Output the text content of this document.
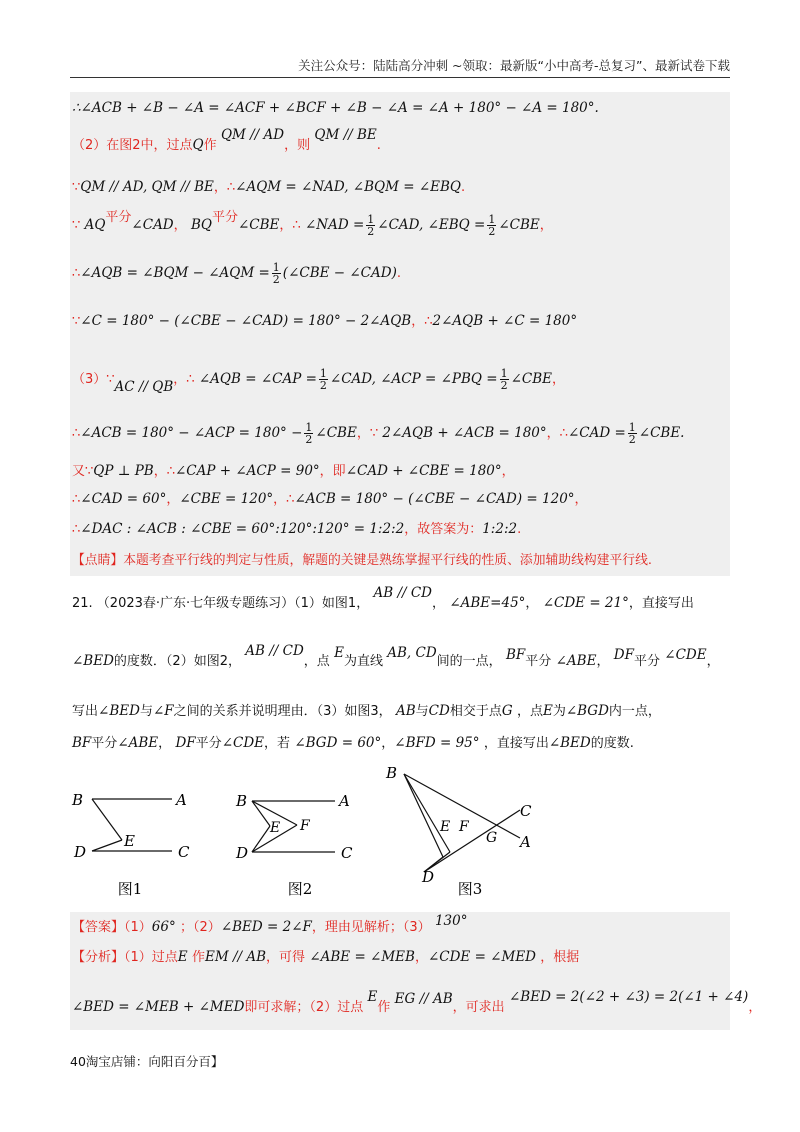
关注公众号：陆陆高分冲刺 ~领取：最新版“小中高考-总复习”、最新试卷下载
∴∠ACB + ∠B − ∠A = ∠ACF + ∠BCF + ∠B − ∠A = ∠A + 180° − ∠A = 180°.
（2）在图2中，过点Q作 QM // AD，则 QM // BE.
∵QM // AD, QM // BE，∴∠AQM = ∠NAD, ∠BQM = ∠EBQ.
∵ AQ平分∠CAD， BQ平分∠CBE，∴ ∠NAD = $\frac{1}{2}$ ∠CAD, ∠EBQ = $\frac{1}{2}$ ∠CBE，
∴∠AQB = ∠BQM − ∠AQM = $\frac{1}{2}$ (∠CBE − ∠CAD).
∵∠C = 180° − (∠CBE − ∠CAD) = 180° − 2∠AQB，∴2∠AQB + ∠C = 180°
（3）∵AC // QB，∴ ∠AQB = ∠CAP = $\frac{1}{2}$ ∠CAD, ∠ACP = ∠PBQ = $\frac{1}{2}$ ∠CBE，
∴∠ACB = 180° − ∠ACP = $180^\circ - \frac{1}{2}$ ∠CBE，∵ 2∠AQB + ∠ACB = 180°，∴∠CAD = $\frac{1}{2}$ ∠CBE.
又∵QP ⊥ PB，∴∠CAP + ∠ACP = 90°，即∠CAD + ∠CBE = 180°，
∴∠CAD = 60°，∠CBE = 120°，∴∠ACB = 180° − (∠CBE − ∠CAD) = 120°，
∴∠DAC : ∠ACB : ∠CBE = 60°:120°:120° = 1:2:2，故答案为：1:2:2.
【点睛】本题考查平行线的判定与性质，解题的关键是熟练掌握平行线的性质、添加辅助线构建平行线.
21. （2023春·广东·七年级专题练习）（1）如图1， AB // CD， ∠ABE=45°， ∠CDE = 21°，直接写出
∠BED的度数．（2）如图2， AB // CD，点 E为直线 AB, CD间的一点， BF平分 ∠ABE， DF平分 ∠CDE，
写出∠BED与∠F之间的关系并说明理由．（3）如图3， AB与CD相交于点G ，点E为∠BGD内一点，
BF平分∠ABE， DF平分∠CDE，若 ∠BGD = 60°，∠BFD = 95° ，直接写出∠BED的度数.
B	A
E
D	C
图1
B	A
E F
D	C
图2
B
C
E F
G A
D
图3
【答案】（1）66° ；（2）∠BED = 2∠F，理由见解析；（3） 130°
【分析】（1）过点E 作EM // AB，可得 ∠ABE = ∠MEB，∠CDE = ∠MED ，根据
∠BED = ∠MEB + ∠MED即可求解；（2）过点 E作 EG // AB，可求出 ∠BED = 2(∠2 + ∠3) = 2(∠1 + ∠4)，
40淘宝店铺：向阳百分百】
